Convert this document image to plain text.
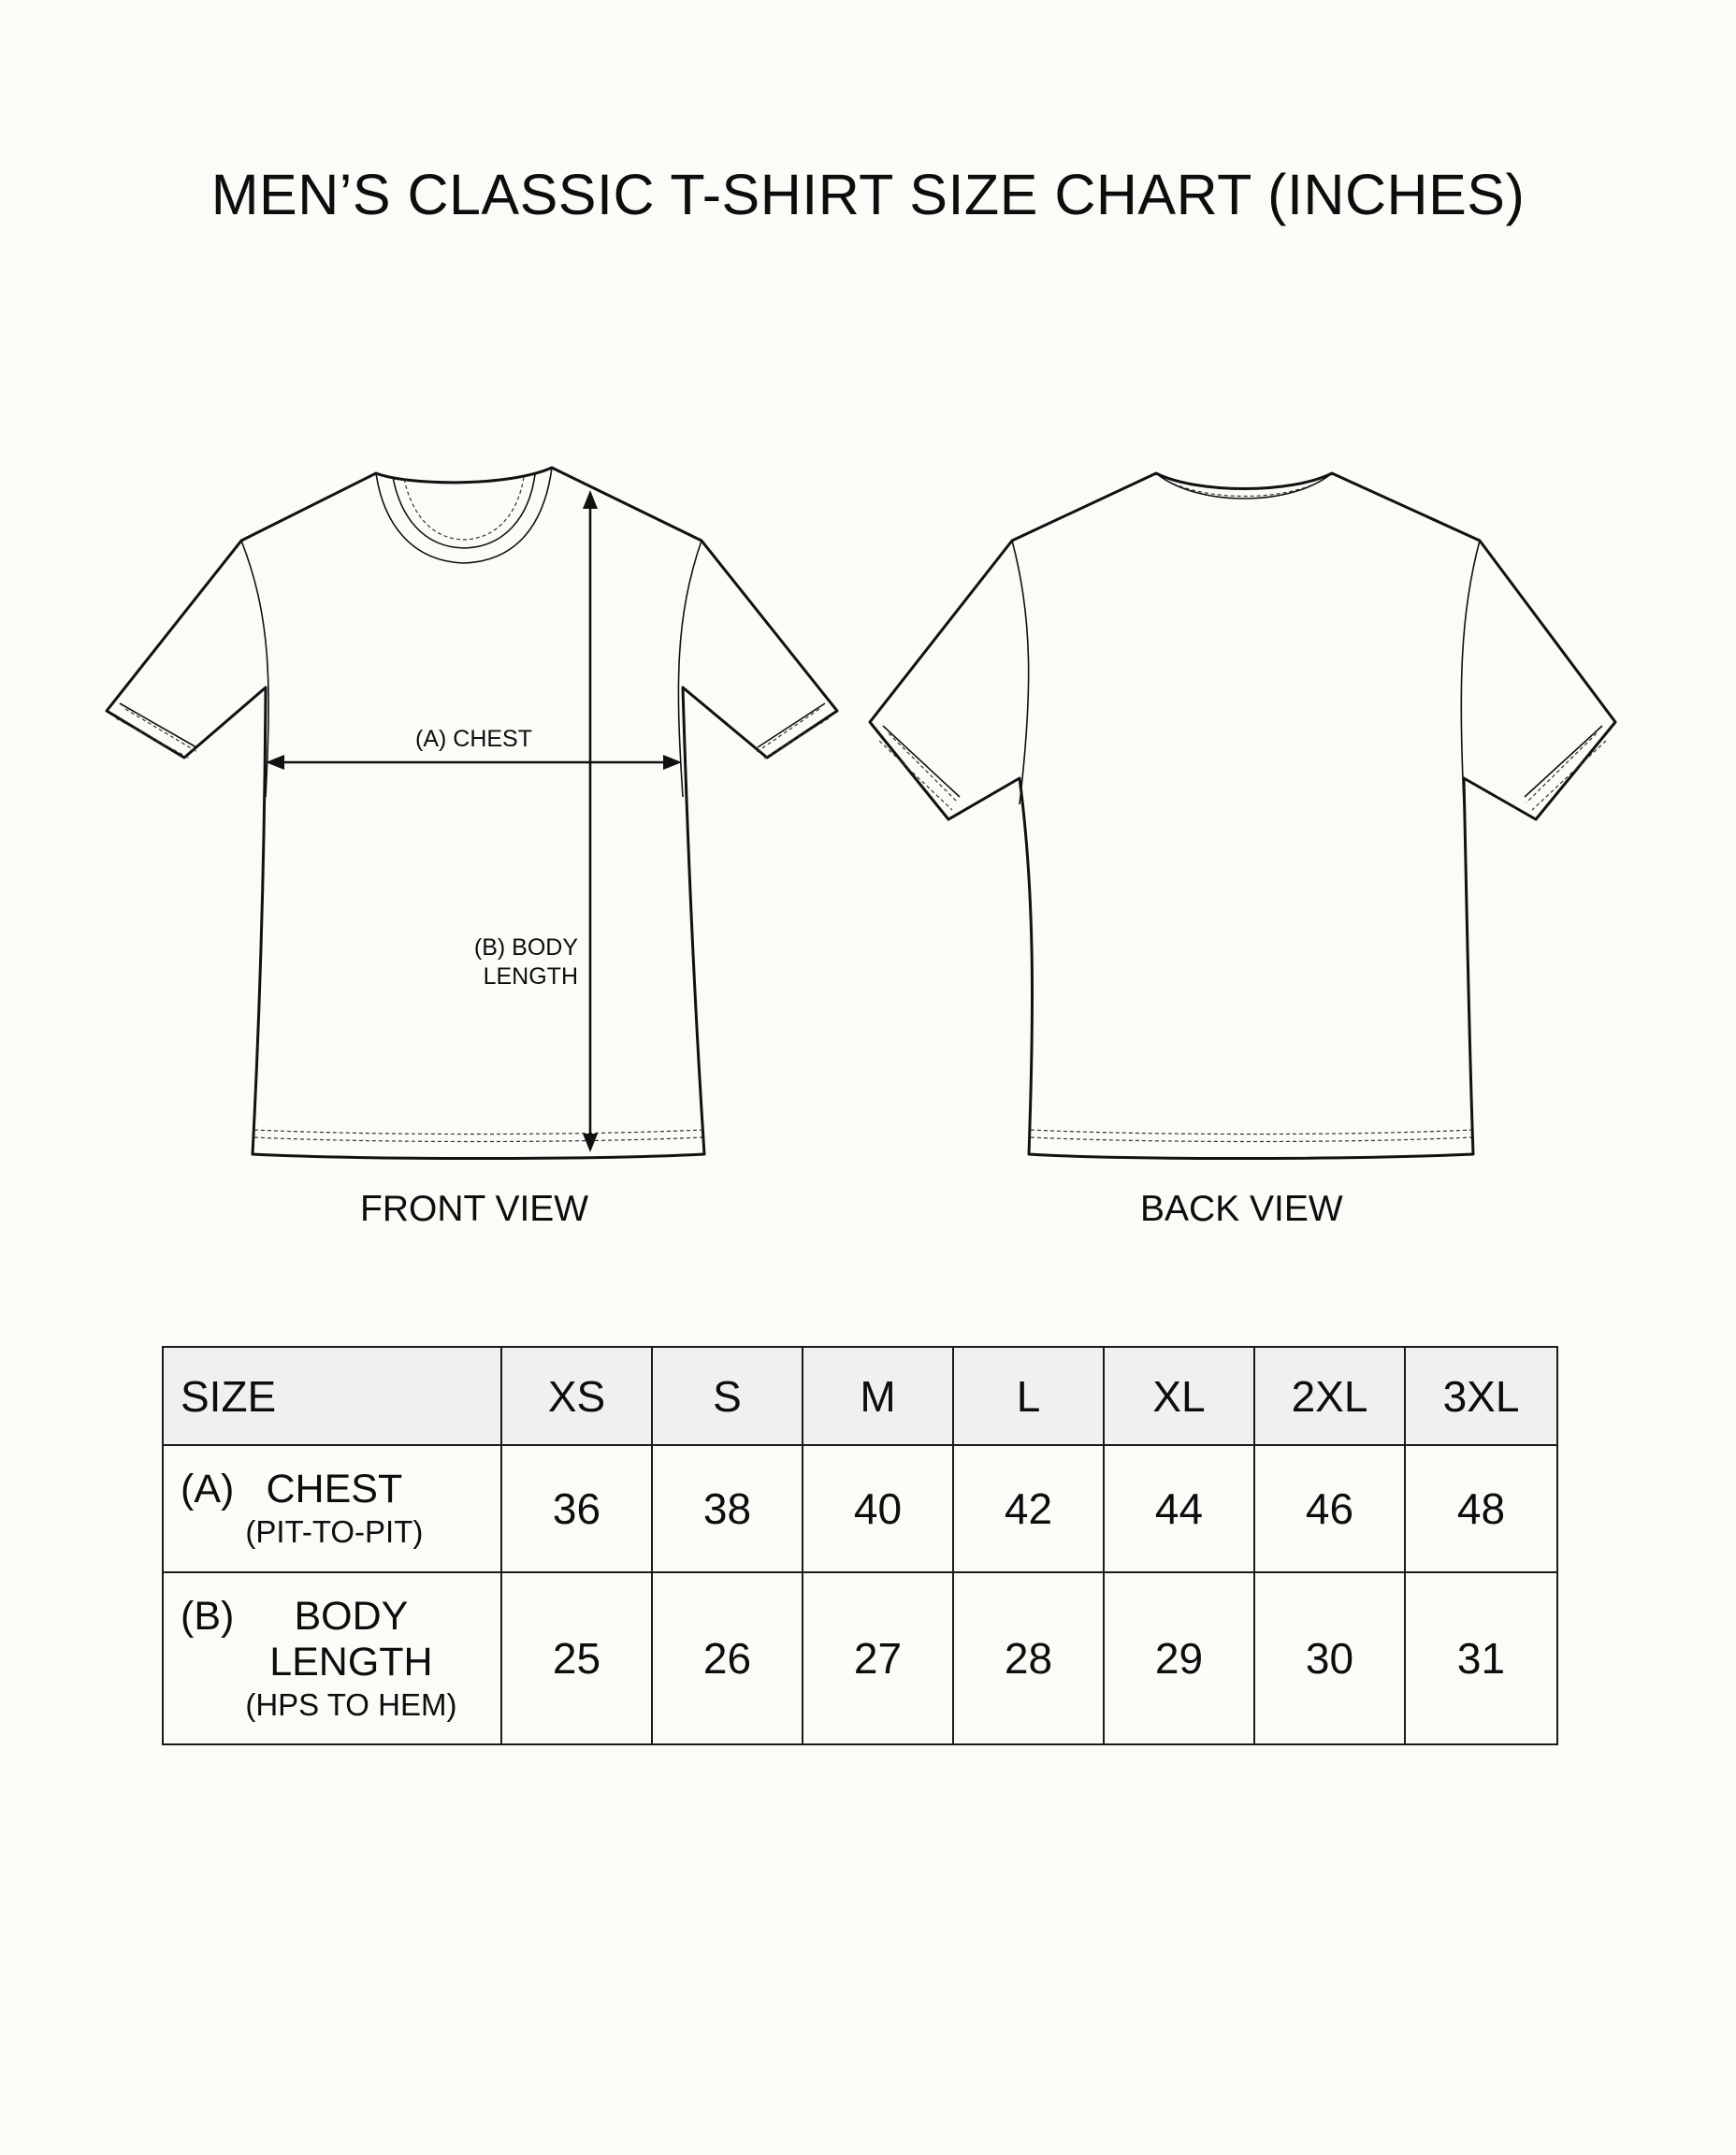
MEN’S CLASSIC T-SHIRT SIZE CHART (INCHES)
(A) CHEST
(B) BODY
LENGTH
FRONT VIEW	BACK VIEW
SIZE	XS	S	M	L	XL	2XL	3XL

(A) CHEST
(PIT-TO-PIT)	36	38	40	42	44	46	48

(B) BODY
LENGTH
(HPS TO HEM)	25	26	27	28	29	30	31
